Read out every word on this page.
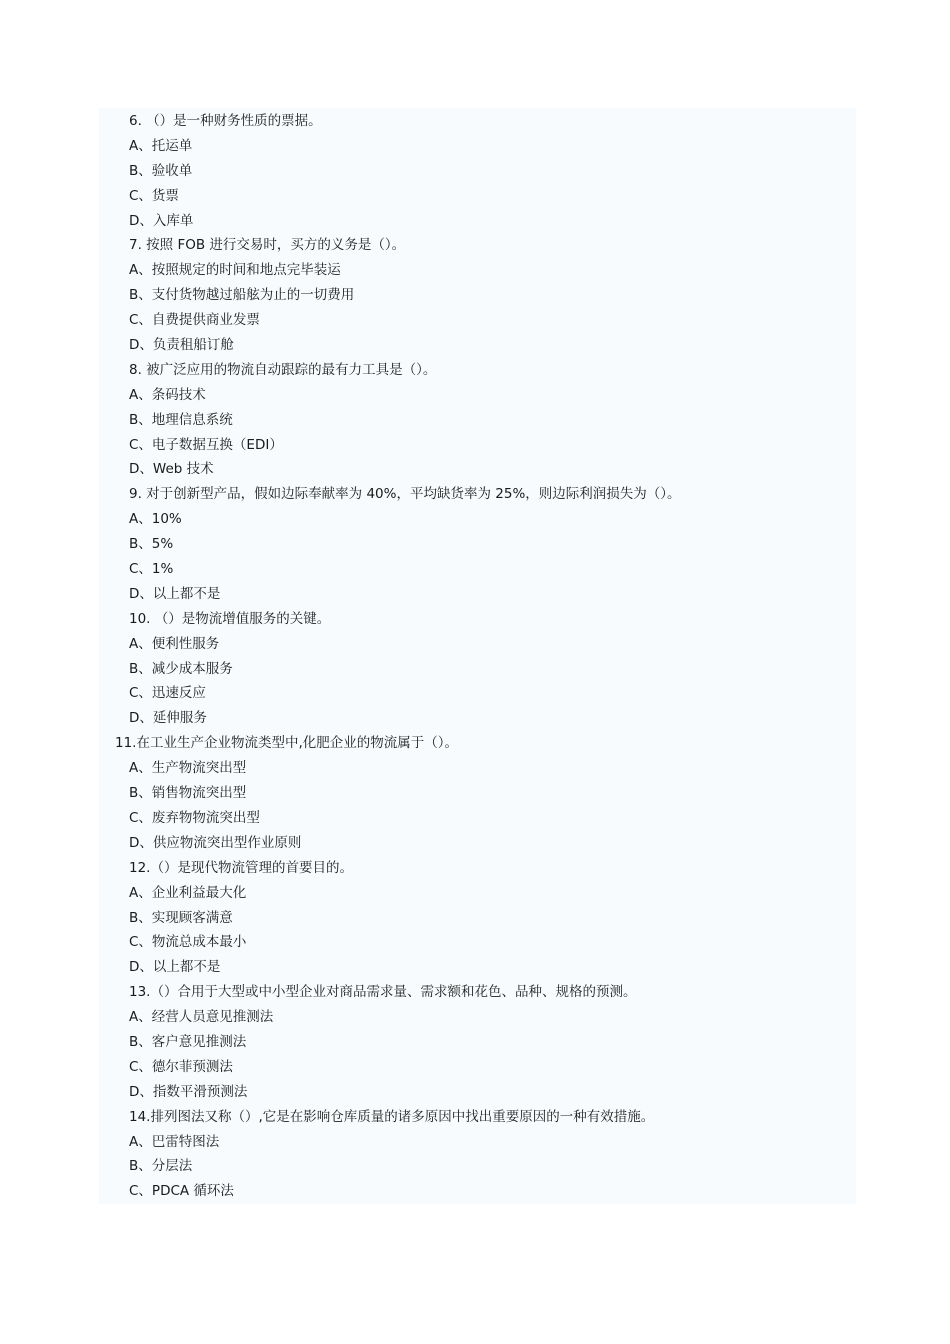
6. （）是一种财务性质的票据。
A、托运单
B、验收单
C、货票
D、入库单
7. 按照 FOB 进行交易时，买方的义务是（）。
A、按照规定的时间和地点完毕装运
B、支付货物越过船舷为止的一切费用
C、自费提供商业发票
D、负责租船订舱
8. 被广泛应用的物流自动跟踪的最有力工具是（）。
A、条码技术
B、地理信息系统
C、电子数据互换（EDI）
D、Web 技术
9. 对于创新型产品，假如边际奉献率为 40%，平均缺货率为 25%，则边际利润损失为（）。
A、10%
B、5%
C、1%
D、以上都不是
10. （）是物流增值服务的关键。
A、便利性服务
B、减少成本服务
C、迅速反应
D、延伸服务
11.在工业生产企业物流类型中,化肥企业的物流属于（）。
A、生产物流突出型
B、销售物流突出型
C、废弃物物流突出型
D、供应物流突出型作业原则
12.（）是现代物流管理的首要目的。
A、企业利益最大化
B、实现顾客满意
C、物流总成本最小
D、以上都不是
13.（）合用于大型或中小型企业对商品需求量、需求额和花色、品种、规格的预测。
A、经营人员意见推测法
B、客户意见推测法
C、德尔菲预测法
D、指数平滑预测法
14.排列图法又称（）,它是在影响仓库质量的诸多原因中找出重要原因的一种有效措施。
A、巴雷特图法
B、分层法
C、PDCA 循环法
